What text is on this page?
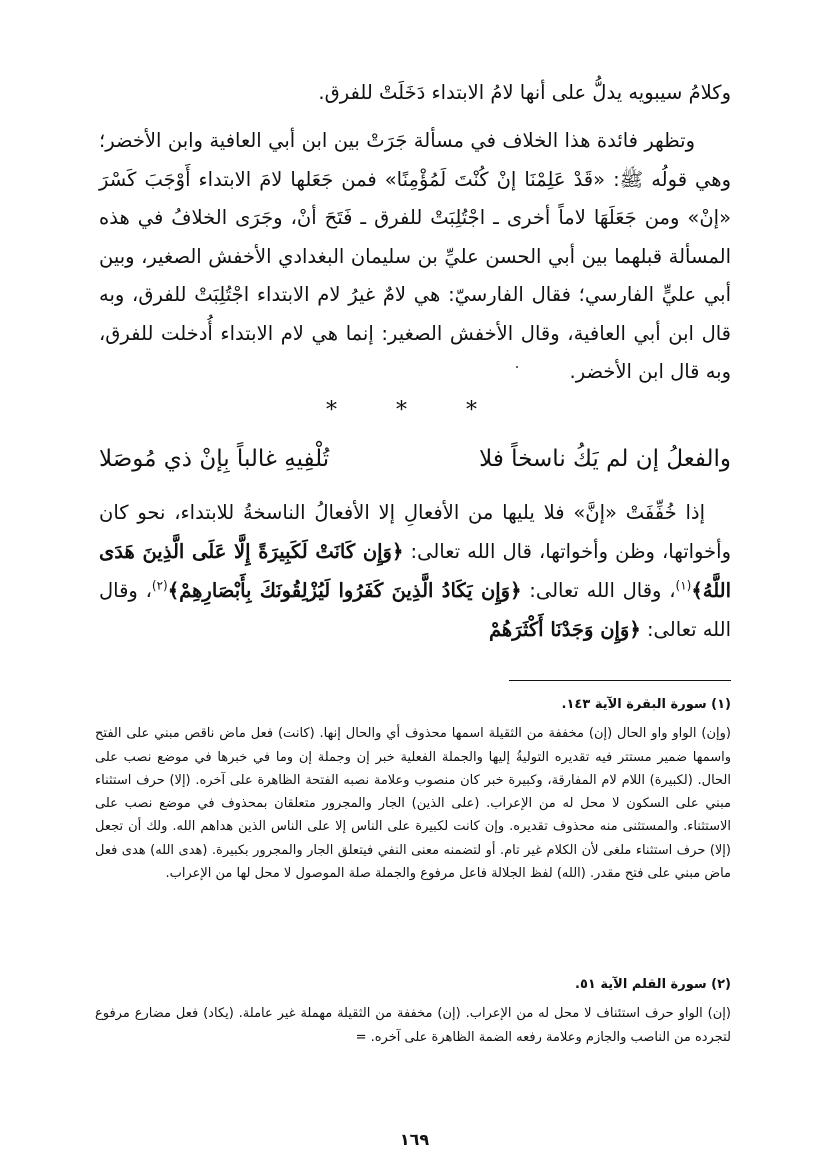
وكلامُ سيبويه يدلُّ على أنها لامُ الابتداء دَخَلَتْ للفرق.
وتظهر فائدة هذا الخلاف في مسألة جَرَتْ بين ابن أبي العافية وابن الأخضر؛ وهي قولُه ﷺ: «قَدْ عَلِمْنَا إنْ كُنْتَ لَمُؤْمِنًا» فمن جَعَلها لامَ الابتداء أَوْجَبَ كَسْرَ «إنْ» ومن جَعَلَهَا لاماً أخرى ـ اجْتُلِبَتْ للفرق ـ فَتَحَ أنْ، وجَرَى الخلافُ في هذه المسألة قبلهما بين أبي الحسن عليِّ بن سليمان البغدادي الأخفش الصغير، وبين أبي عليٍّ الفارسي؛ فقال الفارسيّ: هي لامٌ غيرُ لام الابتداء اجْتُلِبَتْ للفرق، وبه قال ابن أبي العافية، وقال الأخفش الصغير: إنما هي لام الابتداء أُدخلت للفرق، وبه قال ابن الأخضر.
* * *
والفعلُ إن لم يَكُ ناسخاً فلا
تُلْفِيهِ غالباً بِإنْ ذي مُوصَلا
إذا خُفِّفَتْ «إنَّ» فلا يليها من الأفعالِ إلا الأفعالُ الناسخةُ للابتداء، نحو كان وأخواتها، وظن وأخواتها، قال الله تعالى: ﴿وَإِن كَانَتْ لَكَبِيرَةً إِلَّا عَلَى الَّذِينَ هَدَى اللَّهُ﴾$^{(١)}$، وقال الله تعالى: ﴿وَإِن يَكَادُ الَّذِينَ كَفَرُوا لَيُزْلِقُونَكَ بِأَبْصَارِهِمْ﴾$^{(٢)}$، وقال الله تعالى: ﴿وَإِن وَجَدْنَا أَكْثَرَهُمْ
(١) سورة البقرة الآية ١٤٣.
(وإن) الواو واو الحال (إن) مخففة من الثقيلة اسمها محذوف أي والحال إنها. (كانت) فعل ماض ناقص مبني على الفتح واسمها ضمير مستتر فيه تقديره التوليةُ إليها والجملة الفعلية خبر إن وجملة إن وما في خبرها في موضع نصب على الحال. (لكبيرة) اللام لام المفارقة، وكبيرة خبر كان منصوب وعلامة نصبه الفتحة الظاهرة على آخره. (إلا) حرف استثناء مبني على السكون لا محل له من الإعراب. (على الذين) الجار والمجرور متعلقان بمحذوف في موضع نصب على الاستثناء. والمستثنى منه محذوف تقديره. وإن كانت لكبيرة على الناس إلا على الناس الذين هداهم الله. ولك أن تجعل (إلا) حرف استثناء ملغى لأن الكلام غير تام. أو لتضمنه معنى النفي فيتعلق الجار والمجرور بكبيرة. (هدى الله) هدى فعل ماض مبني على فتح مقدر. (الله) لفظ الجلالة فاعل مرفوع والجملة صلة الموصول لا محل لها من الإعراب.
(٢) سورة القلم الآية ٥١.
(إن) الواو حرف استئناف لا محل له من الإعراب. (إن) مخففة من الثقيلة مهملة غير عاملة. (يكاد) فعل مضارع مرفوع لتجرده من الناصب والجازم وعلامة رفعه الضمة الظاهرة على آخره. =
١٦٩
